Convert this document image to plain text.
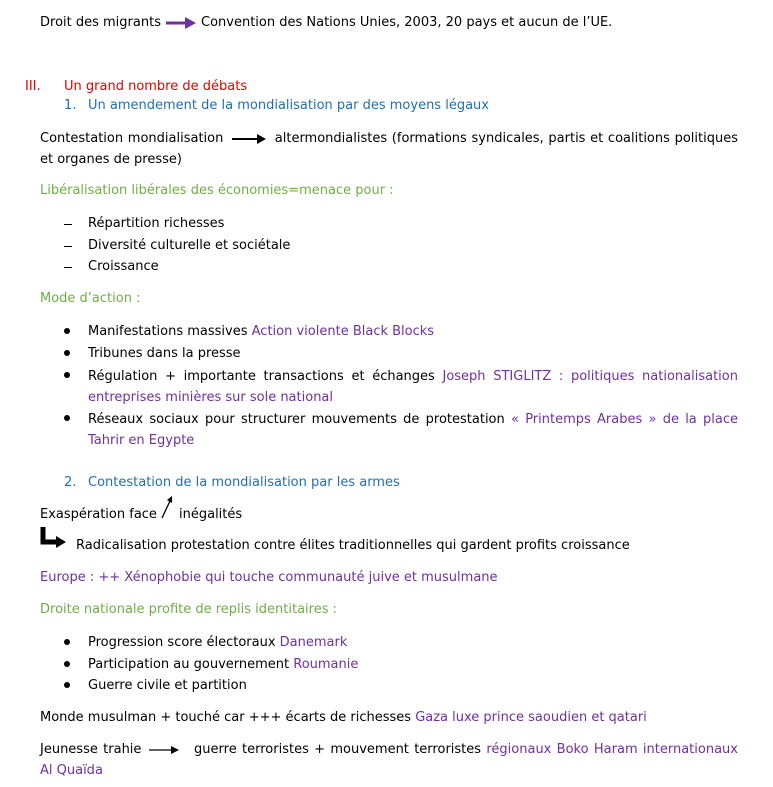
Droit des migrants	Convention des Nations Unies, 2003, 20 pays et aucun de l’UE.
III. Un grand nombre de débats
1. Un amendement de la mondialisation par des moyens légaux
Contestation mondialisation	altermondialistes (formations syndicales, partis et coalitions politiques et organes de presse)
Libéralisation libérales des économies=menace pour :
Répartition richesses
Diversité culturelle et sociétale
Croissance
Mode d’action :
Manifestations massives Action violente Black Blocks
Tribunes dans la presse
Régulation + importante transactions et échanges Joseph STIGLITZ : politiques nationalisation entreprises minières sur sole national
Réseaux sociaux pour structurer mouvements de protestation « Printemps Arabes » de la place Tahrir en Egypte
2. Contestation de la mondialisation par les armes
Exaspération face inégalités
Radicalisation protestation contre élites traditionnelles qui gardent profits croissance
Europe : ++ Xénophobie qui touche communauté juive et musulmane
Droite nationale profite de replis identitaires :
Progression score électoraux Danemark
Participation au gouvernement Roumanie
Guerre civile et partition
Monde musulman + touché car +++ écarts de richesses Gaza luxe prince saoudien et qatari
Jeunesse trahie	guerre terroristes + mouvement terroristes régionaux Boko Haram internationaux Al Quaïda
